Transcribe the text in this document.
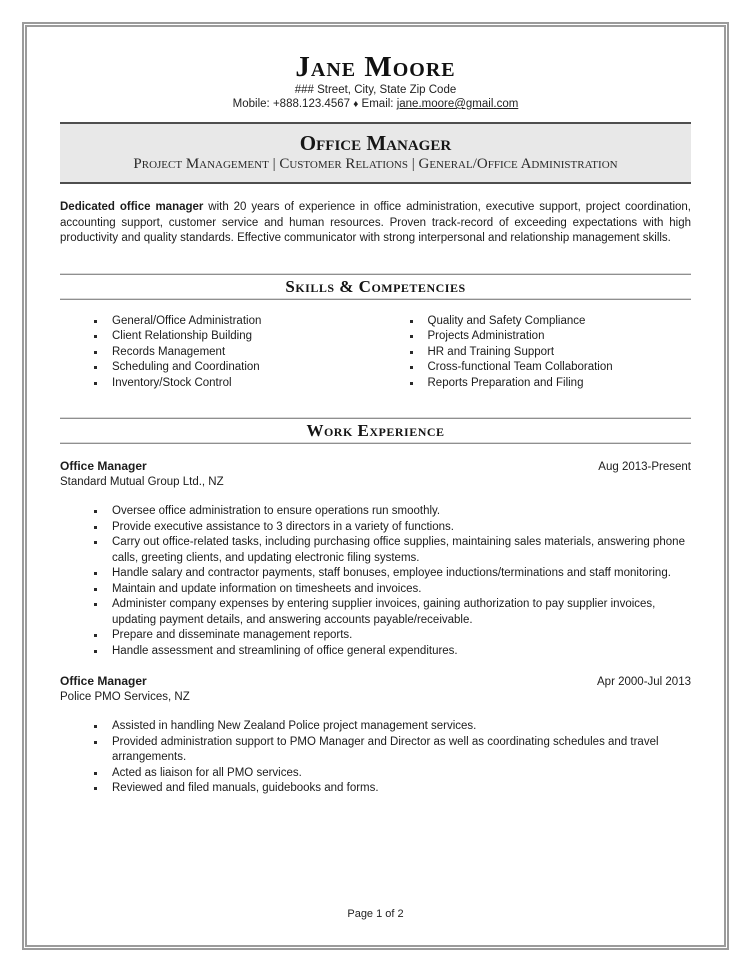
Jane Moore
### Street, City, State Zip Code
Mobile: +888.123.4567 ♦ Email: jane.moore@gmail.com
Office Manager
Project Management | Customer Relations | General/Office Administration

Dedicated office manager with 20 years of experience in office administration, executive support, project coordination, accounting support, customer service and human resources. Proven track-record of exceeding expectations with high productivity and quality standards. Effective communicator with strong interpersonal and relationship management skills.

Skills & Competencies
▪ General/Office Administration
▪ Client Relationship Building
▪ Records Management
▪ Scheduling and Coordination
▪ Inventory/Stock Control
▪ Quality and Safety Compliance
▪ Projects Administration
▪ HR and Training Support
▪ Cross-functional Team Collaboration
▪ Reports Preparation and Filing
Work Experience
Office Manager	Aug 2013-Present
Standard Mutual Group Ltd., NZ
▪ Oversee office administration to ensure operations run smoothly.
▪ Provide executive assistance to 3 directors in a variety of functions.
▪ Carry out office-related tasks, including purchasing office supplies, maintaining sales materials, answering phone calls, greeting clients, and updating electronic filing systems.
▪ Handle salary and contractor payments, staff bonuses, employee inductions/terminations and staff monitoring.
▪ Maintain and update information on timesheets and invoices.
▪ Administer company expenses by entering supplier invoices, gaining authorization to pay supplier invoices, updating payment details, and answering accounts payable/receivable.
▪ Prepare and disseminate management reports.
▪ Handle assessment and streamlining of office general expenditures.
Office Manager	Apr 2000-Jul 2013
Police PMO Services, NZ
▪ Assisted in handling New Zealand Police project management services.
▪ Provided administration support to PMO Manager and Director as well as coordinating schedules and travel arrangements.
▪ Acted as liaison for all PMO services.
▪ Reviewed and filed manuals, guidebooks and forms.
Page 1 of 2
